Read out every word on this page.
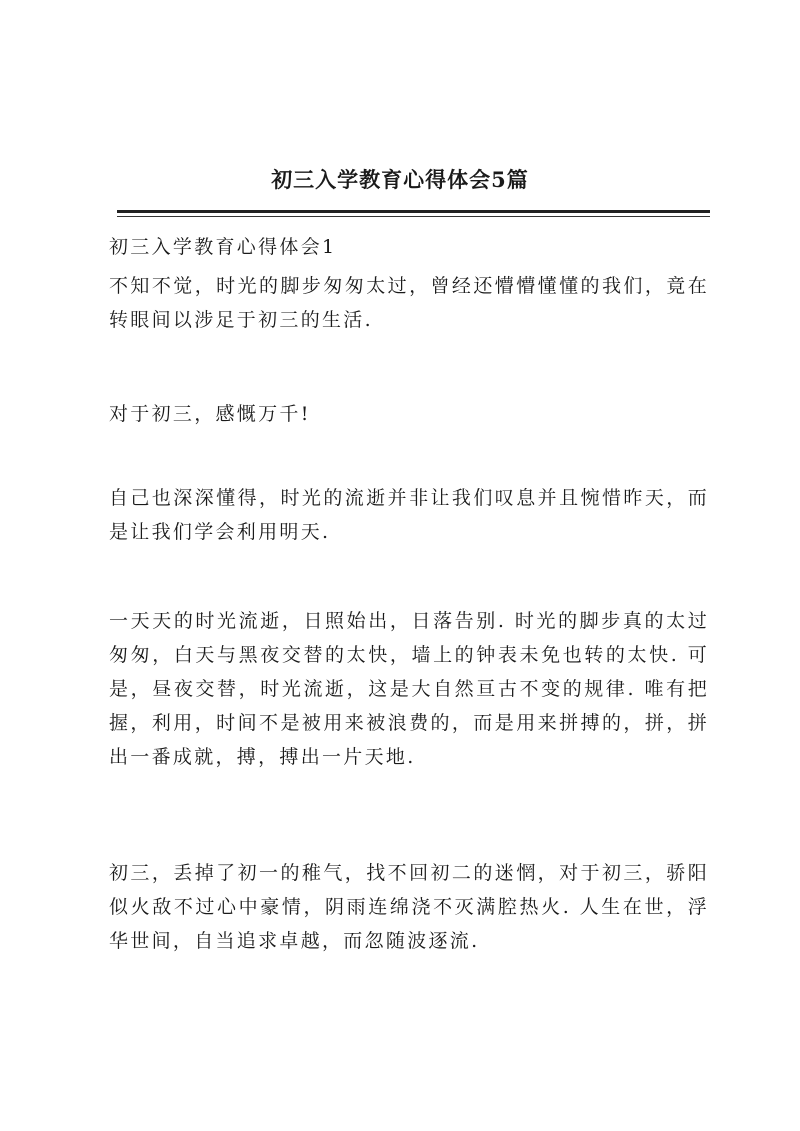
初三入学教育心得体会5篇

初三入学教育心得体会1

不知不觉，时光的脚步匆匆太过，曾经还懵懵懂懂的我们，竟在转眼间以涉足于初三的生活.

对于初三，感慨万千!

自己也深深懂得，时光的流逝并非让我们叹息并且惋惜昨天，而是让我们学会利用明天.

一天天的时光流逝，日照始出，日落告别. 时光的脚步真的太过匆匆，白天与黑夜交替的太快，墙上的钟表未免也转的太快. 可是，昼夜交替，时光流逝，这是大自然亘古不变的规律. 唯有把握，利用，时间不是被用来被浪费的，而是用来拼搏的，拼，拼出一番成就，搏，搏出一片天地.

初三，丢掉了初一的稚气，找不回初二的迷惘，对于初三，骄阳似火敌不过心中豪情，阴雨连绵浇不灭满腔热火. 人生在世，浮华世间，自当追求卓越，而忽随波逐流.
